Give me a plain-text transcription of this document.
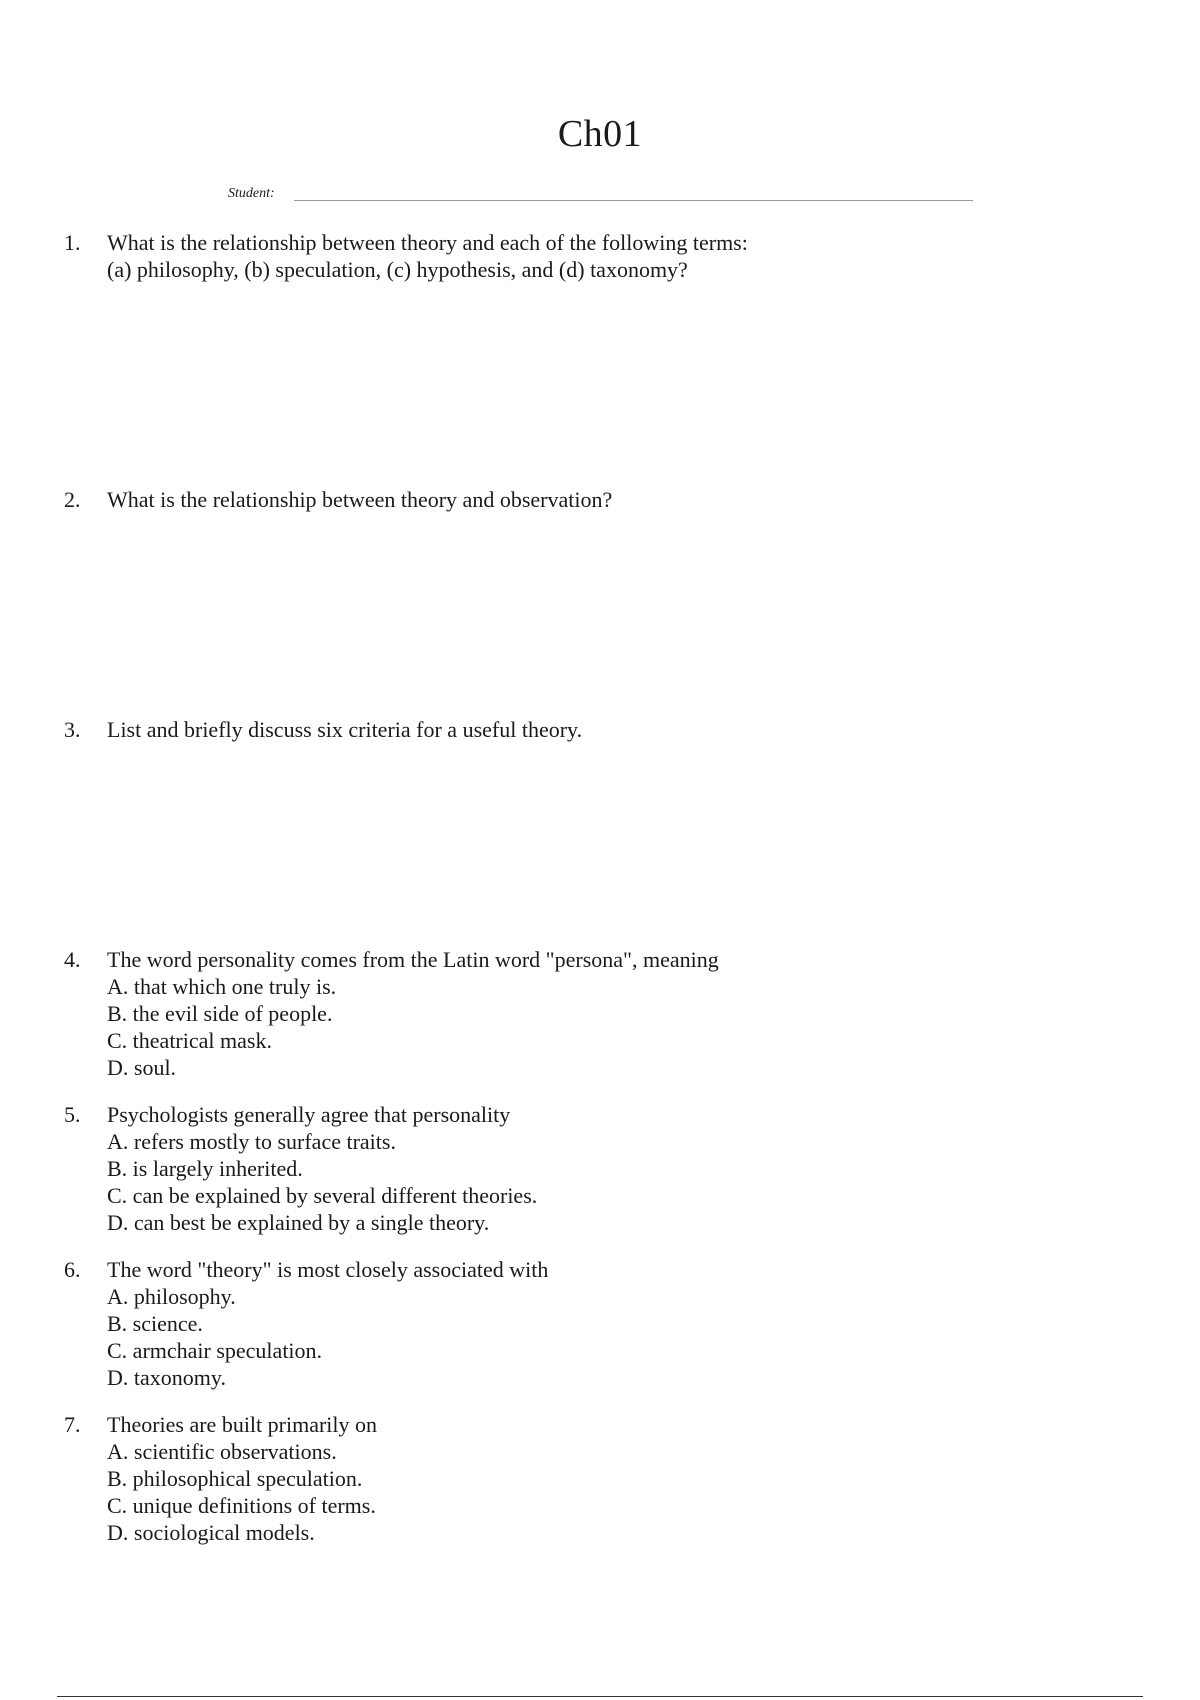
Ch01
Student:
1. What is the relationship between theory and each of the following terms:
(a) philosophy, (b) speculation, (c) hypothesis, and (d) taxonomy?
2. What is the relationship between theory and observation?
3. List and briefly discuss six criteria for a useful theory.
4. The word personality comes from the Latin word "persona", meaning
A. that which one truly is.
B. the evil side of people.
C. theatrical mask.
D. soul.
5. Psychologists generally agree that personality
A. refers mostly to surface traits.
B. is largely inherited.
C. can be explained by several different theories.
D. can best be explained by a single theory.
6. The word "theory" is most closely associated with
A. philosophy.
B. science.
C. armchair speculation.
D. taxonomy.
7. Theories are built primarily on
A. scientific observations.
B. philosophical speculation.
C. unique definitions of terms.
D. sociological models.
